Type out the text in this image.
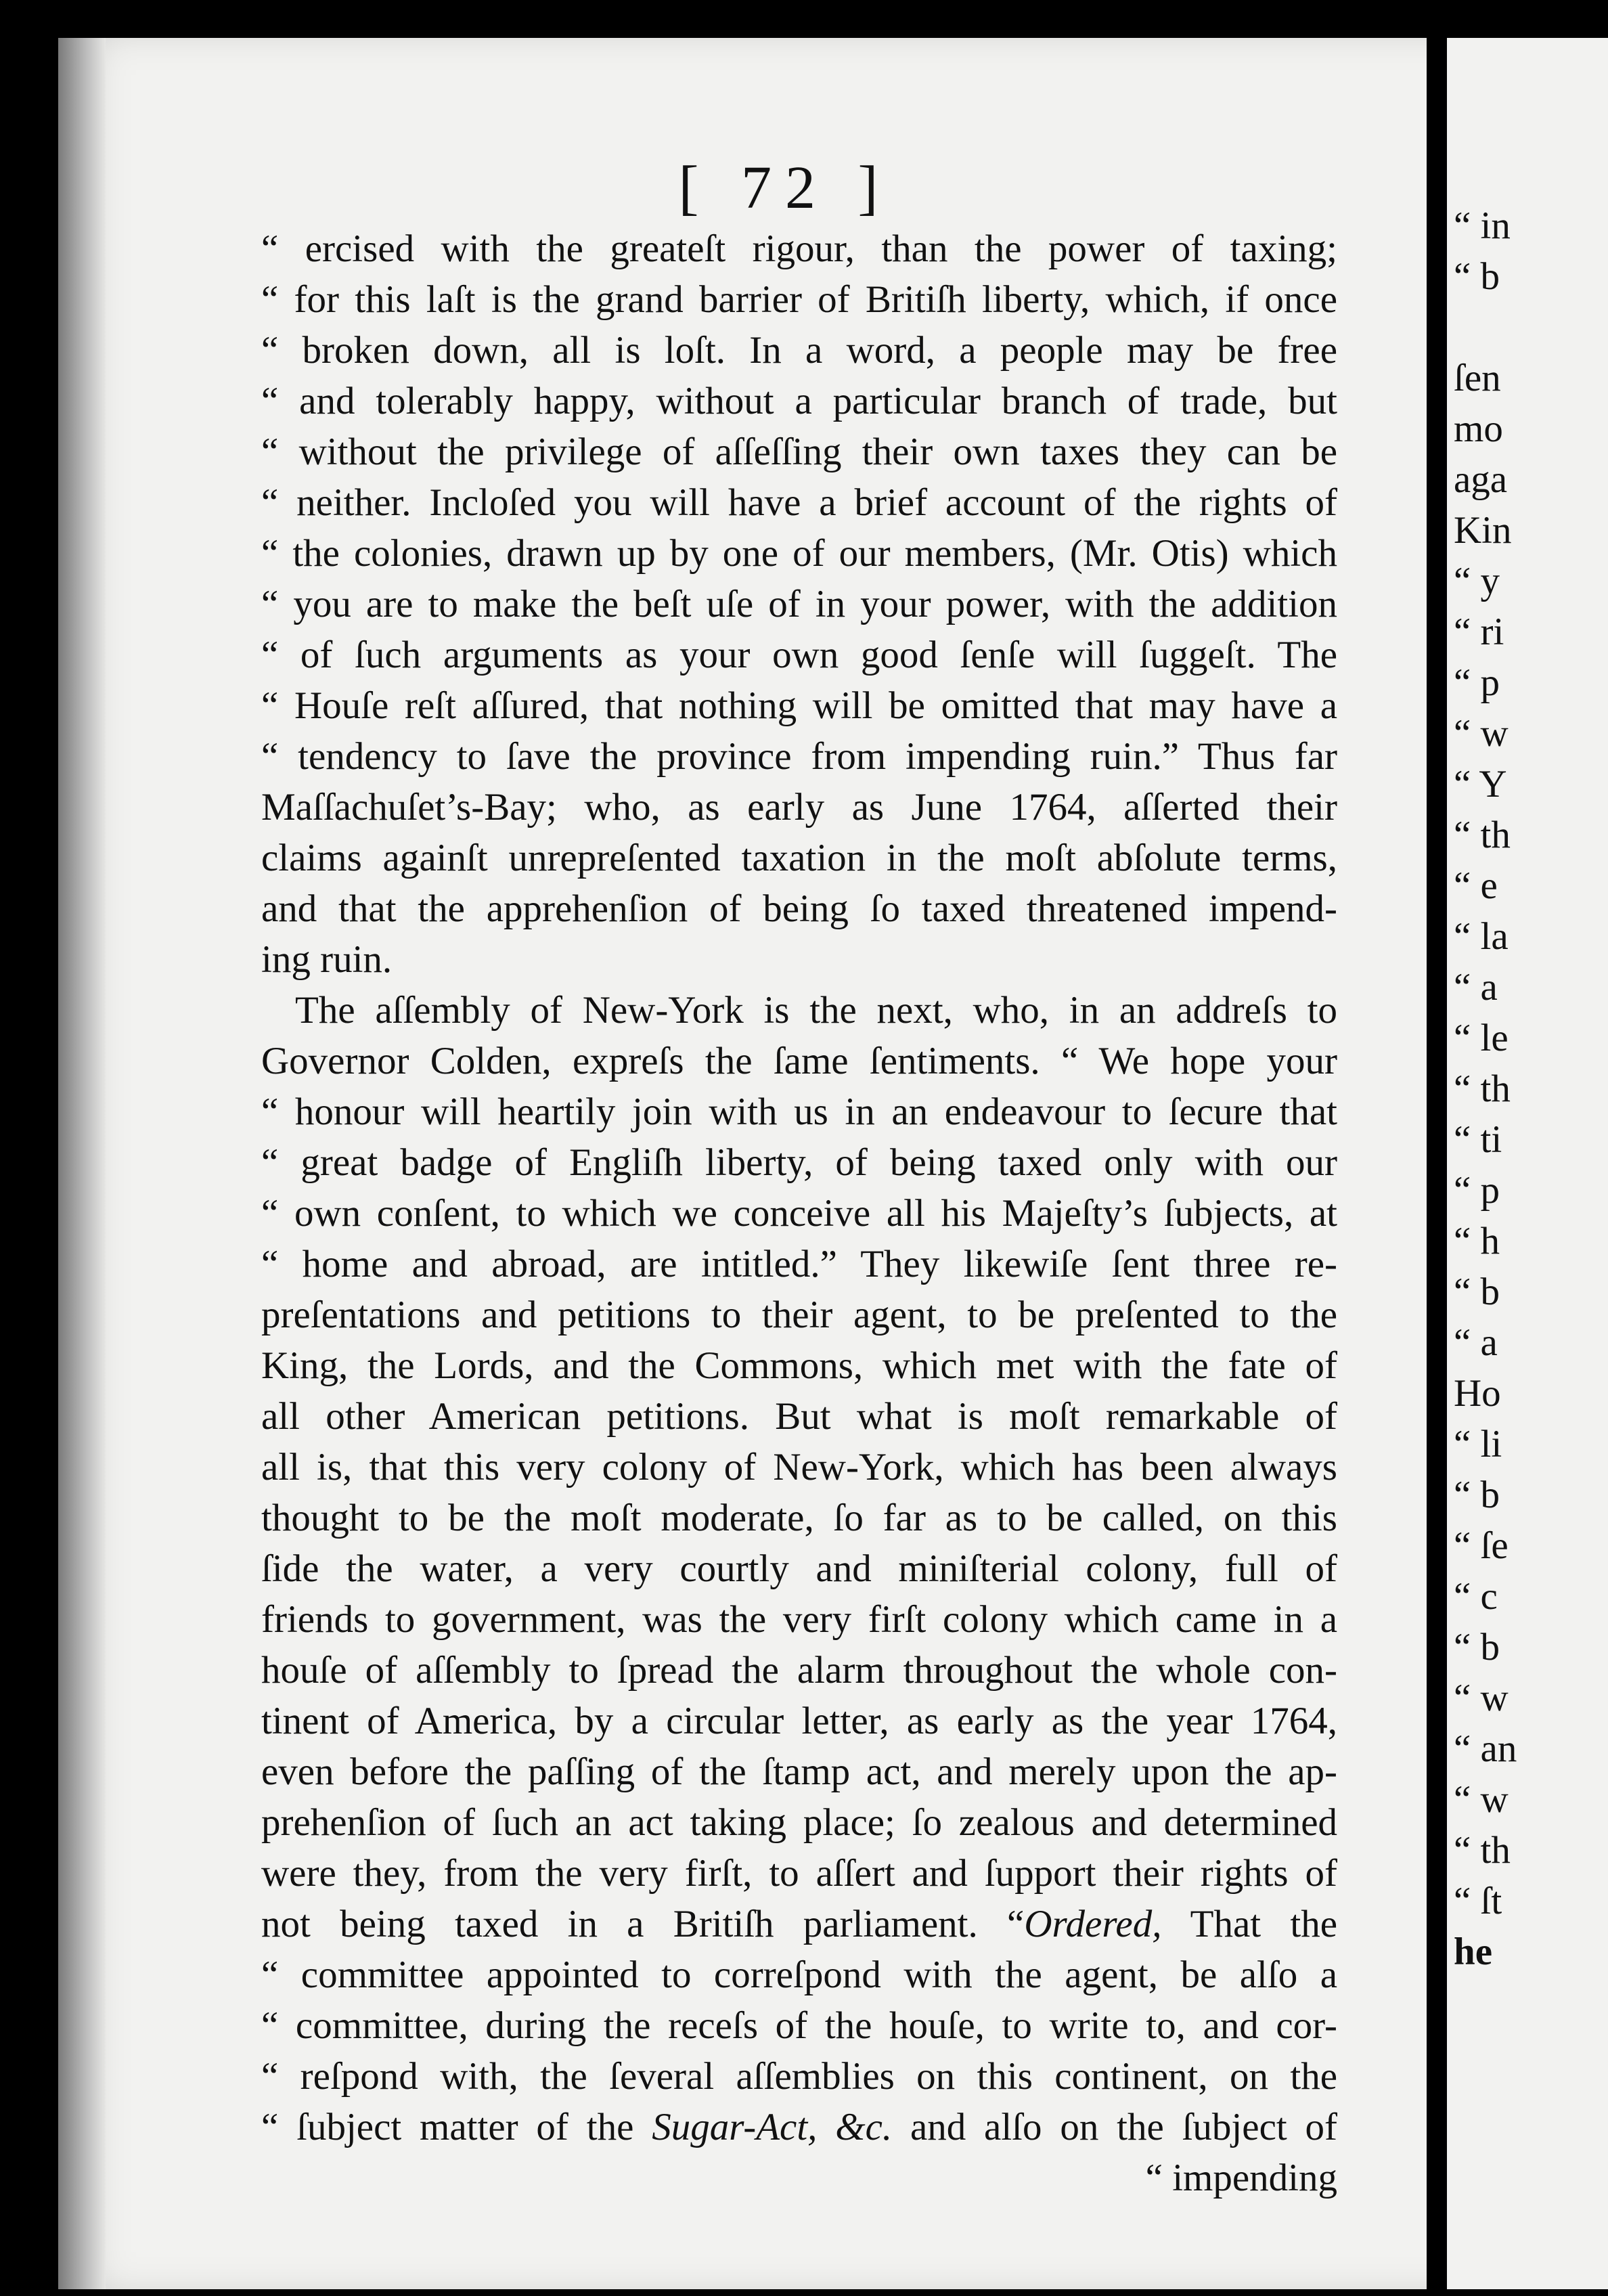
[ 72 ]
“ ercised with the greateſt rigour, than the power of taxing;
“ for this laſt is the grand barrier of Britiſh liberty, which, if once
“ broken down, all is loſt. In a word, a people may be free
“ and tolerably happy, without a particular branch of trade, but
“ without the privilege of aſſeſſing their own taxes they can be
“ neither. Incloſed you will have a brief account of the rights of
“ the colonies, drawn up by one of our members, (Mr. Otis) which
“ you are to make the beſt uſe of in your power, with the addition
“ of ſuch arguments as your own good ſenſe will ſuggeſt. The
“ Houſe reſt aſſured, that nothing will be omitted that may have a
“ tendency to ſave the province from impending ruin.” Thus far
Maſſachuſet’s-Bay; who, as early as June 1764, aſſerted their
claims againſt unrepreſented taxation in the moſt abſolute terms,
and that the apprehenſion of being ſo taxed threatened impend-
ing ruin.
The aſſembly of New-York is the next, who, in an addreſs to
Governor Colden, expreſs the ſame ſentiments. “ We hope your
“ honour will heartily join with us in an endeavour to ſecure that
“ great badge of Engliſh liberty, of being taxed only with our
“ own conſent, to which we conceive all his Majeſty’s ſubjects, at
“ home and abroad, are intitled.” They likewiſe ſent three re-
preſentations and petitions to their agent, to be preſented to the
King, the Lords, and the Commons, which met with the fate of
all other American petitions. But what is moſt remarkable of
all is, that this very colony of New-York, which has been always
thought to be the moſt moderate, ſo far as to be called, on this
ſide the water, a very courtly and miniſterial colony, full of
friends to government, was the very firſt colony which came in a
houſe of aſſembly to ſpread the alarm throughout the whole con-
tinent of America, by a circular letter, as early as the year 1764,
even before the paſſing of the ſtamp act, and merely upon the ap-
prehenſion of ſuch an act taking place; ſo zealous and determined
were they, from the very firſt, to aſſert and ſupport their rights of
not being taxed in a Britiſh parliament. “Ordered, That the
“ committee appointed to correſpond with the agent, be alſo a
“ committee, during the receſs of the houſe, to write to, and cor-
“ reſpond with, the ſeveral aſſemblies on this continent, on the
“ ſubject matter of the Sugar-Act, &c. and alſo on the ſubject of
“ impending
“ in
“ b
ſen
mo
aga
Kin
“ y
“ ri
“ p
“ w
“ Y
“ th
“ e
“ la
“ a
“ le
“ th
“ ti
“ p
“ h
“ b
“ a
Ho
“ li
“ b
“ ſe
“ c
“ b
“ w
“ an
“ w
“ th
“ ſt
he
